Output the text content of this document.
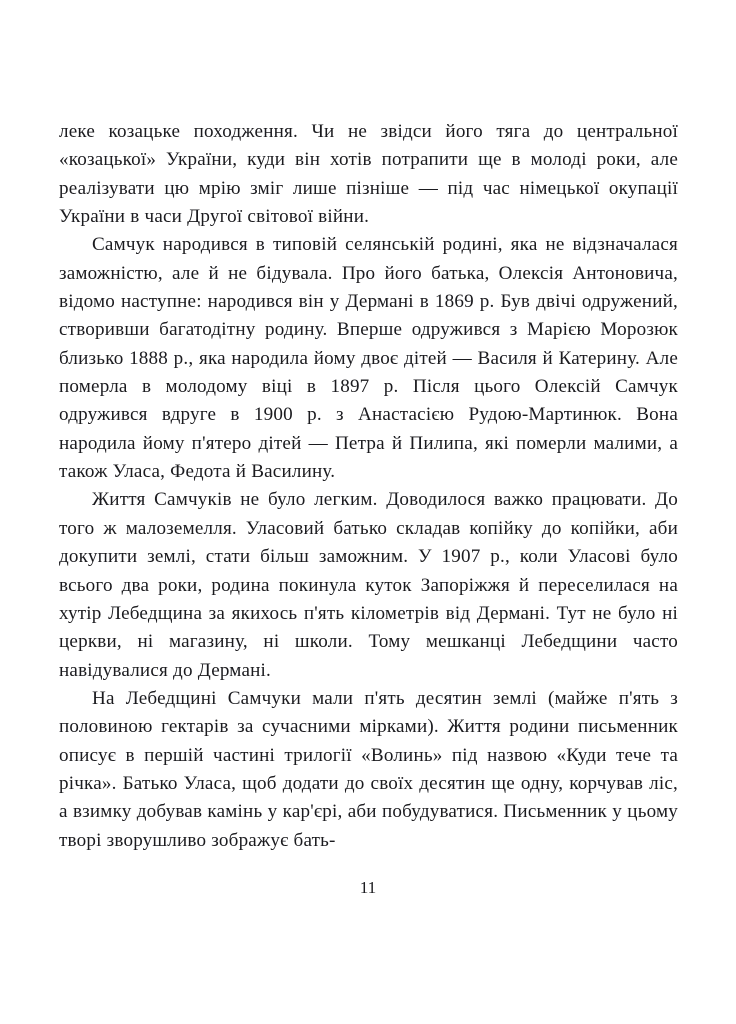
леке козацьке походження. Чи не звідси його тяга до центральної «козацької» України, куди він хотів потрапити ще в молоді роки, але реалізувати цю мрію зміг лише пізніше — під час німецької окупації України в часи Другої світової війни.

Самчук народився в типовій селянській родині, яка не відзначалася заможністю, але й не бідувала. Про його батька, Олексія Антоновича, відомо наступне: народився він у Дермані в 1869 р. Був двічі одружений, створивши багатодітну родину. Вперше одружився з Марією Морозюк близько 1888 р., яка народила йому двоє дітей — Василя й Катерину. Але померла в молодому віці в 1897 р. Після цього Олексій Самчук одружився вдруге в 1900 р. з Анастасією Рудою-Мартинюк. Вона народила йому п'ятеро дітей — Петра й Пилипа, які померли малими, а також Уласа, Федота й Василину.

Життя Самчуків не було легким. Доводилося важко працювати. До того ж малоземелля. Уласовий батько складав копійку до копійки, аби докупити землі, стати більш заможним. У 1907 р., коли Уласові було всього два роки, родина покинула куток Запоріжжя й переселилася на хутір Лебедщина за якихось п'ять кілометрів від Дермані. Тут не було ні церкви, ні магазину, ні школи. Тому мешканці Лебедщини часто навідувалися до Дермані.

На Лебедщині Самчуки мали п'ять десятин землі (майже п'ять з половиною гектарів за сучасними мірками). Життя родини письменник описує в першій частині трилогії «Волинь» під назвою «Куди тече та річка». Батько Уласа, щоб додати до своїх десятин ще одну, корчував ліс, а взимку добував камінь у кар'єрі, аби побудуватися. Письменник у цьому творі зворушливо зображує бать-

11
